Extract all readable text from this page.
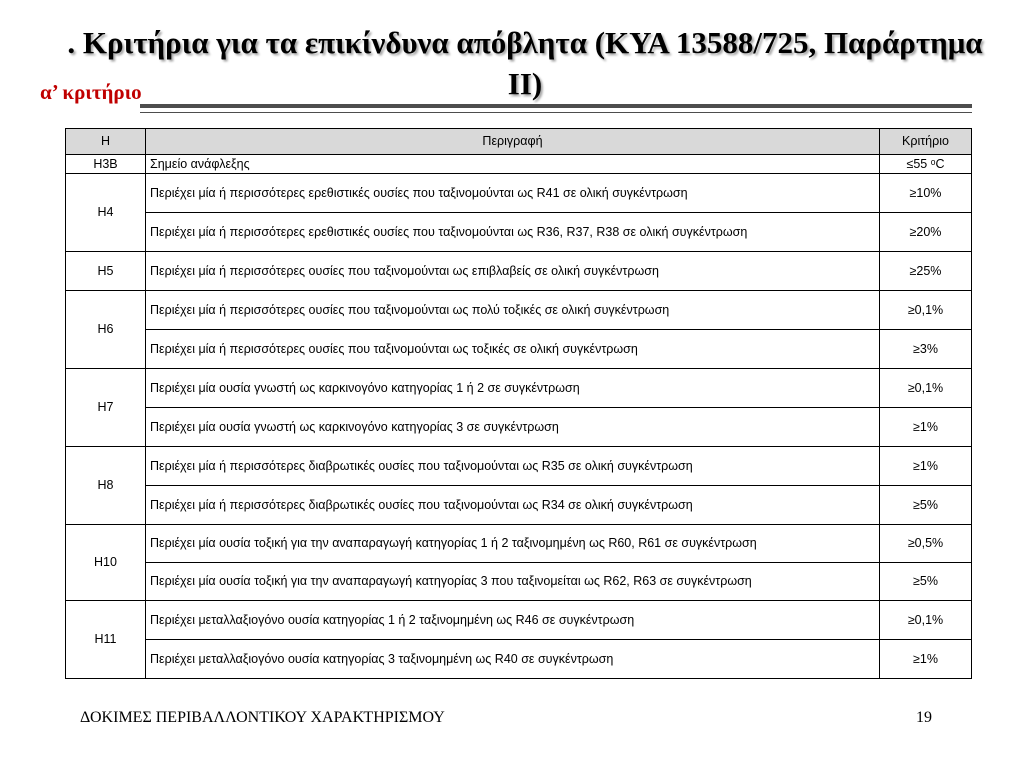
. Κριτήρια για τα επικίνδυνα απόβλητα (ΚΥΑ 13588/725, Παράρτημα ΙΙ)
α’ κριτήριο
Η	Περιγραφή	Κριτήριο
Η3Β	Σημείο ανάφλεξης	≤55 ᵒC
Η4	Περιέχει μία ή περισσότερες ερεθιστικές ουσίες που ταξινομούνται ως R41 σε ολική συγκέντρωση	≥10%
	Περιέχει μία ή περισσότερες ερεθιστικές ουσίες που ταξινομούνται ως R36, R37, R38 σε ολική συγκέντρωση	≥20%
Η5	Περιέχει μία ή περισσότερες ουσίες που ταξινομούνται ως επιβλαβείς σε ολική συγκέντρωση	≥25%
Η6	Περιέχει μία ή περισσότερες ουσίες που ταξινομούνται ως πολύ τοξικές σε ολική συγκέντρωση	≥0,1%
	Περιέχει μία ή περισσότερες ουσίες που ταξινομούνται ως τοξικές σε ολική συγκέντρωση	≥3%
Η7	Περιέχει μία ουσία γνωστή ως καρκινογόνο κατηγορίας 1 ή 2 σε συγκέντρωση	≥0,1%
	Περιέχει μία ουσία γνωστή ως καρκινογόνο κατηγορίας 3 σε συγκέντρωση	≥1%
Η8	Περιέχει μία ή περισσότερες διαβρωτικές ουσίες που ταξινομούνται ως R35 σε ολική συγκέντρωση	≥1%
	Περιέχει μία ή περισσότερες διαβρωτικές ουσίες που ταξινομούνται ως R34 σε ολική συγκέντρωση	≥5%
Η10	Περιέχει μία ουσία τοξική για την αναπαραγωγή κατηγορίας 1 ή 2 ταξινομημένη ως R60, R61 σε συγκέντρωση	≥0,5%
	Περιέχει μία ουσία τοξική για την αναπαραγωγή κατηγορίας 3 που ταξινομείται ως R62, R63 σε συγκέντρωση	≥5%
Η11	Περιέχει μεταλλαξιογόνο ουσία κατηγορίας 1 ή 2 ταξινομημένη ως R46 σε συγκέντρωση	≥0,1%
	Περιέχει μεταλλαξιογόνο ουσία κατηγορίας 3 ταξινομημένη ως R40 σε συγκέντρωση	≥1%
ΔΟΚΙΜΕΣ ΠΕΡΙΒΑΛΛΟΝΤΙΚΟΥ ΧΑΡΑΚΤΗΡΙΣΜΟΥ	19
